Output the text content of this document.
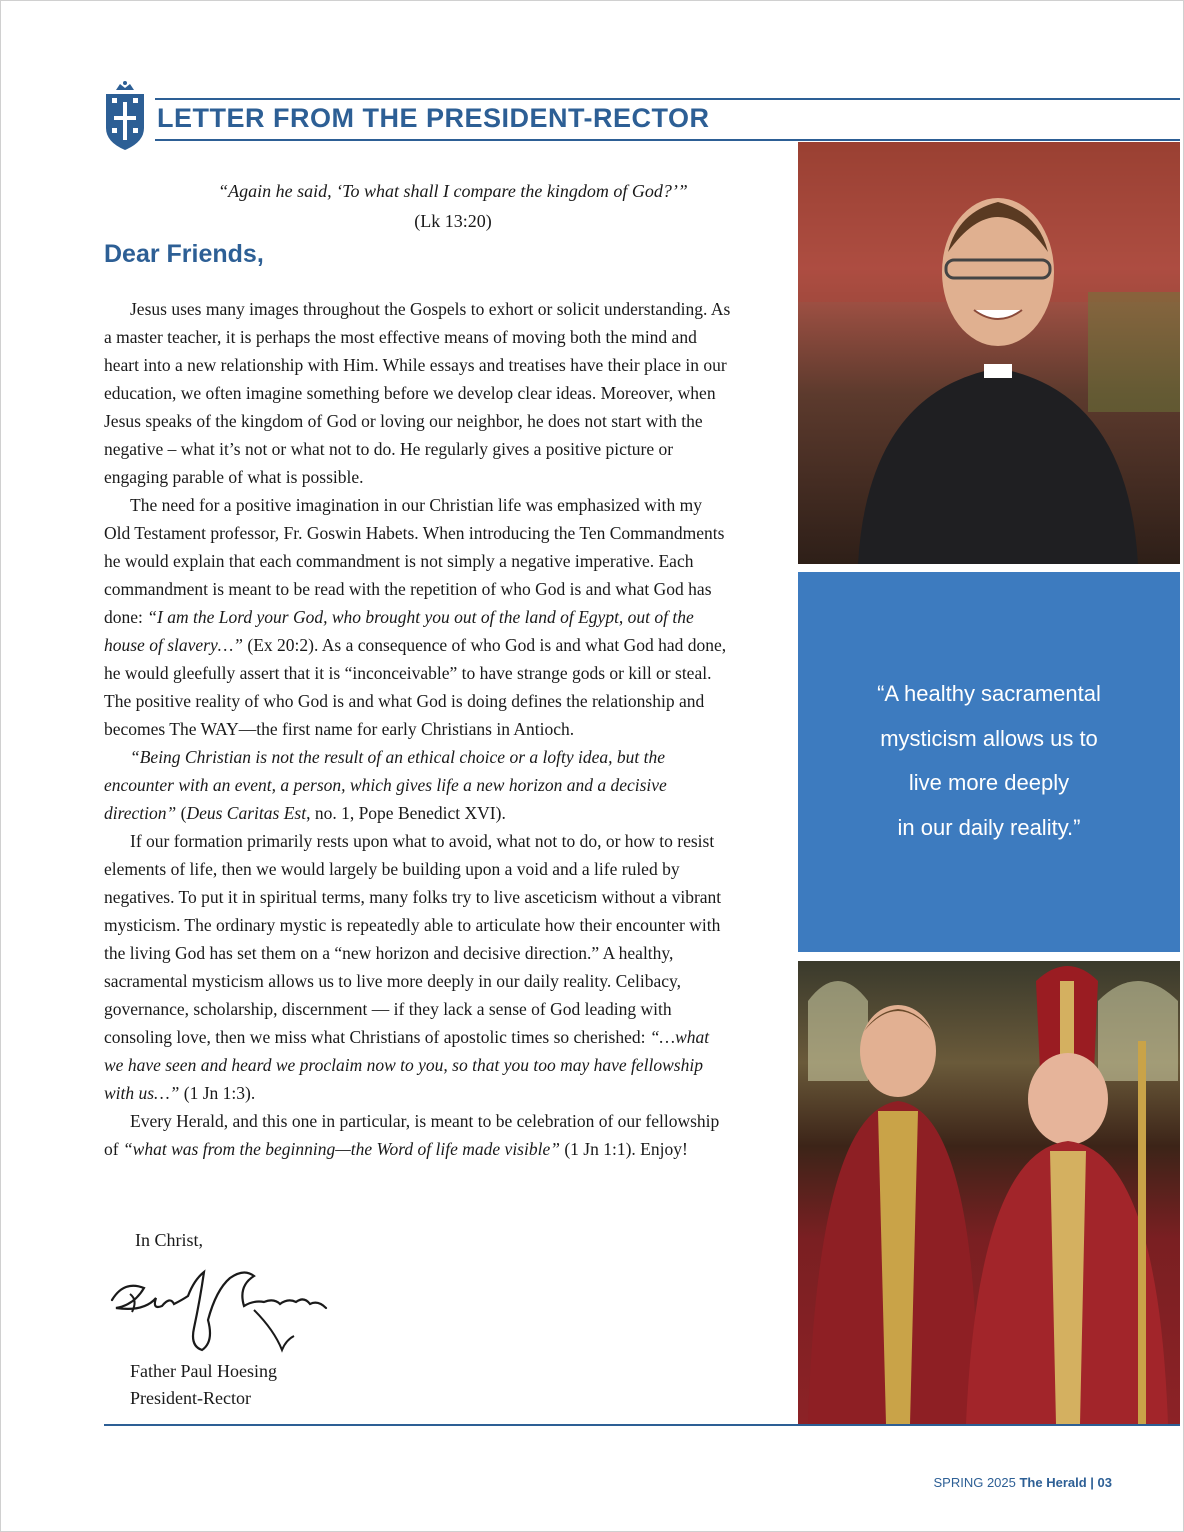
LETTER FROM THE PRESIDENT-RECTOR
“Again he said, ‘To what shall I compare the kingdom of God?’”
(Lk 13:20)
Dear Friends,

Jesus uses many images throughout the Gospels to exhort or solicit understanding. As a master teacher, it is perhaps the most effective means of moving both the mind and heart into a new relationship with Him. While essays and treatises have their place in our education, we often imagine something before we develop clear ideas. Moreover, when Jesus speaks of the kingdom of God or loving our neighbor, he does not start with the negative – what it’s not or what not to do. He regularly gives a positive picture or engaging parable of what is possible.

The need for a positive imagination in our Christian life was emphasized with my Old Testament professor, Fr. Goswin Habets. When introducing the Ten Commandments he would explain that each commandment is not simply a negative imperative. Each commandment is meant to be read with the repetition of who God is and what God has done: “I am the Lord your God, who brought you out of the land of Egypt, out of the house of slavery…” (Ex 20:2). As a consequence of who God is and what God had done, he would gleefully assert that it is “inconceivable” to have strange gods or kill or steal. The positive reality of who God is and what God is doing defines the relationship and becomes The WAY—the first name for early Christians in Antioch.

“Being Christian is not the result of an ethical choice or a lofty idea, but the encounter with an event, a person, which gives life a new horizon and a decisive direction” (Deus Caritas Est, no. 1, Pope Benedict XVI).

If our formation primarily rests upon what to avoid, what not to do, or how to resist elements of life, then we would largely be building upon a void and a life ruled by negatives. To put it in spiritual terms, many folks try to live asceticism without a vibrant mysticism. The ordinary mystic is repeatedly able to articulate how their encounter with the living God has set them on a “new horizon and decisive direction.” A healthy, sacramental mysticism allows us to live more deeply in our daily reality. Celibacy, governance, scholarship, discernment — if they lack a sense of God leading with consoling love, then we miss what Christians of apostolic times so cherished: “…what we have seen and heard we proclaim now to you, so that you too may have fellowship with us…” (1 Jn 1:3).

Every Herald, and this one in particular, is meant to be celebration of our fellowship of “what was from the beginning—the Word of life made visible” (1 Jn 1:1). Enjoy!

In Christ,
Father Paul Hoesing
President-Rector
“A healthy sacramental
mysticism allows us to
live more deeply
in our daily reality.”
SPRING 2025 The Herald | 03
